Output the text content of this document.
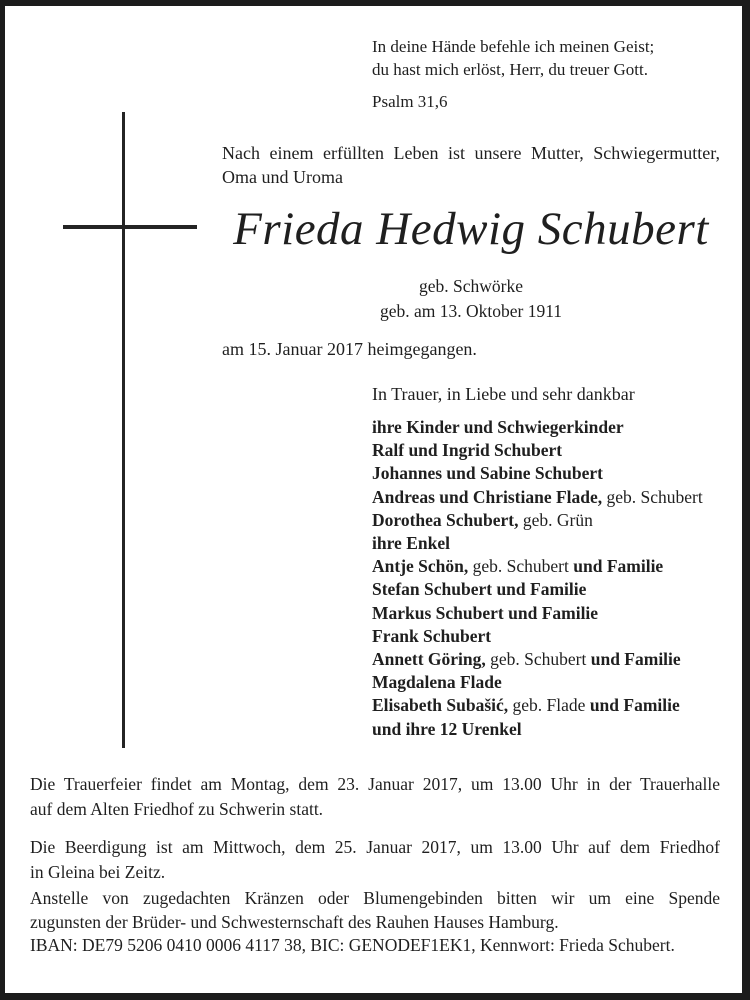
In deine Hände befehle ich meinen Geist;
du hast mich erlöst, Herr, du treuer Gott.
Psalm 31,6
Nach einem erfüllten Leben ist unsere Mutter, Schwiegermutter,
Oma und Uroma
Frieda Hedwig Schubert
geb. Schwörke
geb. am 13. Oktober 1911
am 15. Januar 2017 heimgegangen.
In Trauer, in Liebe und sehr dankbar
ihre Kinder und Schwiegerkinder
Ralf und Ingrid Schubert
Johannes und Sabine Schubert
Andreas und Christiane Flade, geb. Schubert
Dorothea Schubert, geb. Grün
ihre Enkel
Antje Schön, geb. Schubert und Familie
Stefan Schubert und Familie
Markus Schubert und Familie
Frank Schubert
Annett Göring, geb. Schubert und Familie
Magdalena Flade
Elisabeth Subašić, geb. Flade und Familie
und ihre 12 Urenkel
Die Trauerfeier findet am Montag, dem 23. Januar 2017, um 13.00 Uhr in der Trauerhalle
auf dem Alten Friedhof zu Schwerin statt.
Die Beerdigung ist am Mittwoch, dem 25. Januar 2017, um 13.00 Uhr auf dem Friedhof
in Gleina bei Zeitz.
Anstelle von zugedachten Kränzen oder Blumengebinden bitten wir um eine Spende
zugunsten der Brüder- und Schwesternschaft des Rauhen Hauses Hamburg.
IBAN: DE79 5206 0410 0006 4117 38, BIC: GENODEF1EK1, Kennwort: Frieda Schubert.
